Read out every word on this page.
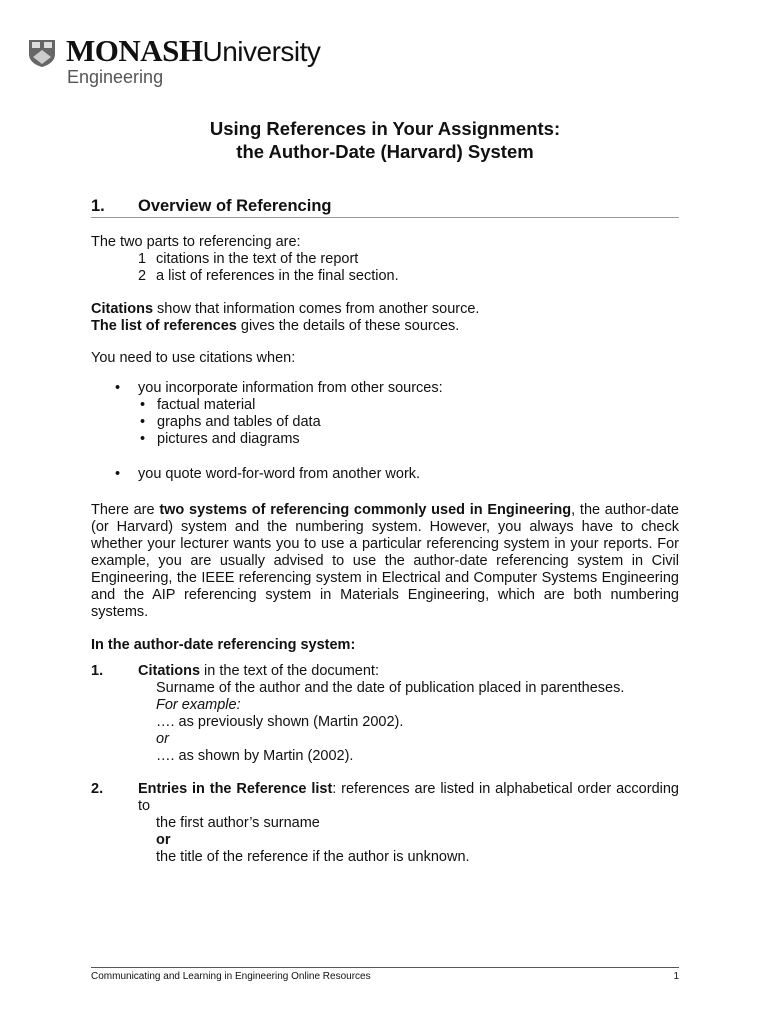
MONASHUniversity
Engineering
Using References in Your Assignments:
the Author-Date (Harvard) System
1. Overview of Referencing
The two parts to referencing are:
1 citations in the text of the report
2 a list of references in the final section.
Citations show that information comes from another source.
The list of references gives the details of these sources.
You need to use citations when:
• you incorporate information from other sources:
• factual material
• graphs and tables of data
• pictures and diagrams
• you quote word-for-word from another work.
There are two systems of referencing commonly used in Engineering, the author-date (or Harvard) system and the numbering system. However, you always have to check whether your lecturer wants you to use a particular referencing system in your reports. For example, you are usually advised to use the author-date referencing system in Civil Engineering, the IEEE referencing system in Electrical and Computer Systems Engineering and the AIP referencing system in Materials Engineering, which are both numbering systems.
In the author-date referencing system:
1.	Citations in the text of the document:
Surname of the author and the date of publication placed in parentheses.
For example:
…. as previously shown (Martin 2002).
or
…. as shown by Martin (2002).
2.	Entries in the Reference list: references are listed in alphabetical order according to
the first author’s surname
or
the title of the reference if the author is unknown.
Communicating and Learning in Engineering Online Resources	1
